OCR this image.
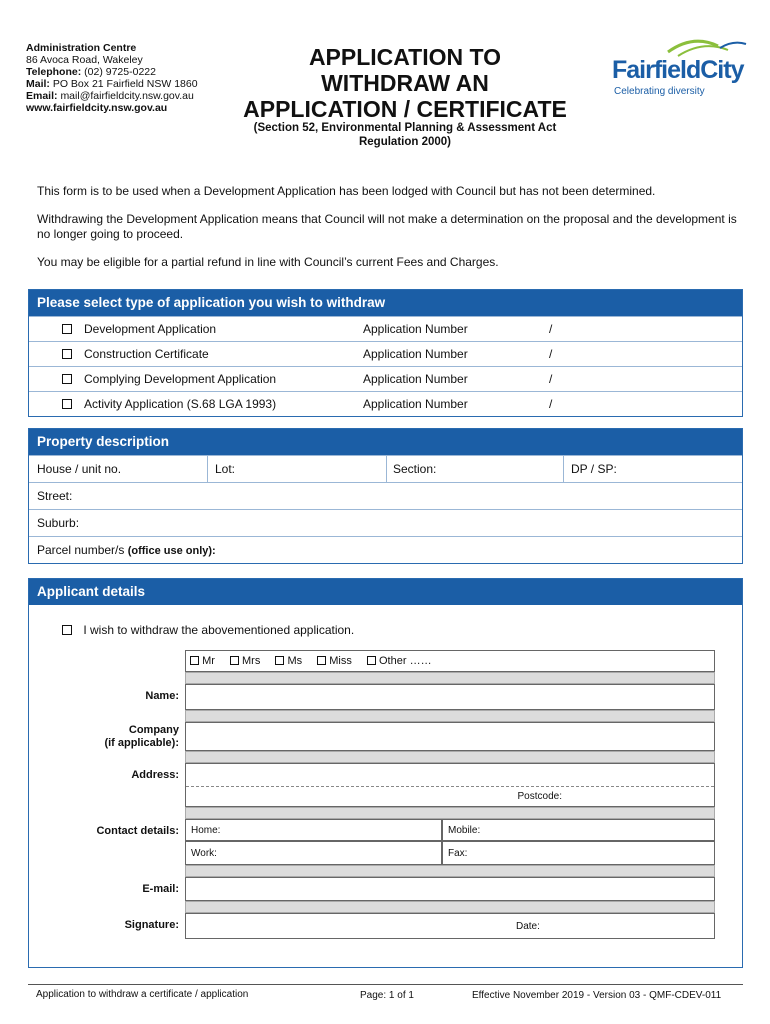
Administration Centre
86 Avoca Road, Wakeley
Telephone: (02) 9725-0222
Mail: PO Box 21 Fairfield NSW 1860
Email: mail@fairfieldcity.nsw.gov.au
www.fairfieldcity.nsw.gov.au
APPLICATION TO
WITHDRAW AN
APPLICATION / CERTIFICATE
(Section 52, Environmental Planning & Assessment Act
Regulation 2000)
FairfieldCity
Celebrating diversity
This form is to be used when a Development Application has been lodged with Council but has not been determined.
Withdrawing the Development Application means that Council will not make a determination on the proposal and the development is no longer going to proceed.
You may be eligible for a partial refund in line with Council’s current Fees and Charges.
Please select type of application you wish to withdraw
Development Application	Application Number	/
Construction Certificate	Application Number	/
Complying Development Application	Application Number	/
Activity Application (S.68 LGA 1993)	Application Number	/
Property description
House / unit no.	Lot:	Section:	DP / SP:
Street:
Suburb:
Parcel number/s (office use only):
Applicant details
I wish to withdraw the abovementioned application.
Mr Mrs Ms Miss Other ……
Name:
Company
(if applicable):
Address:
Postcode:
Contact details: Home:	Mobile:
Work:	Fax:
E-mail:
Signature:	Date:
Application to withdraw a certificate / application	Page: 1 of 1	Effective November 2019 - Version 03 - QMF-CDEV-011
